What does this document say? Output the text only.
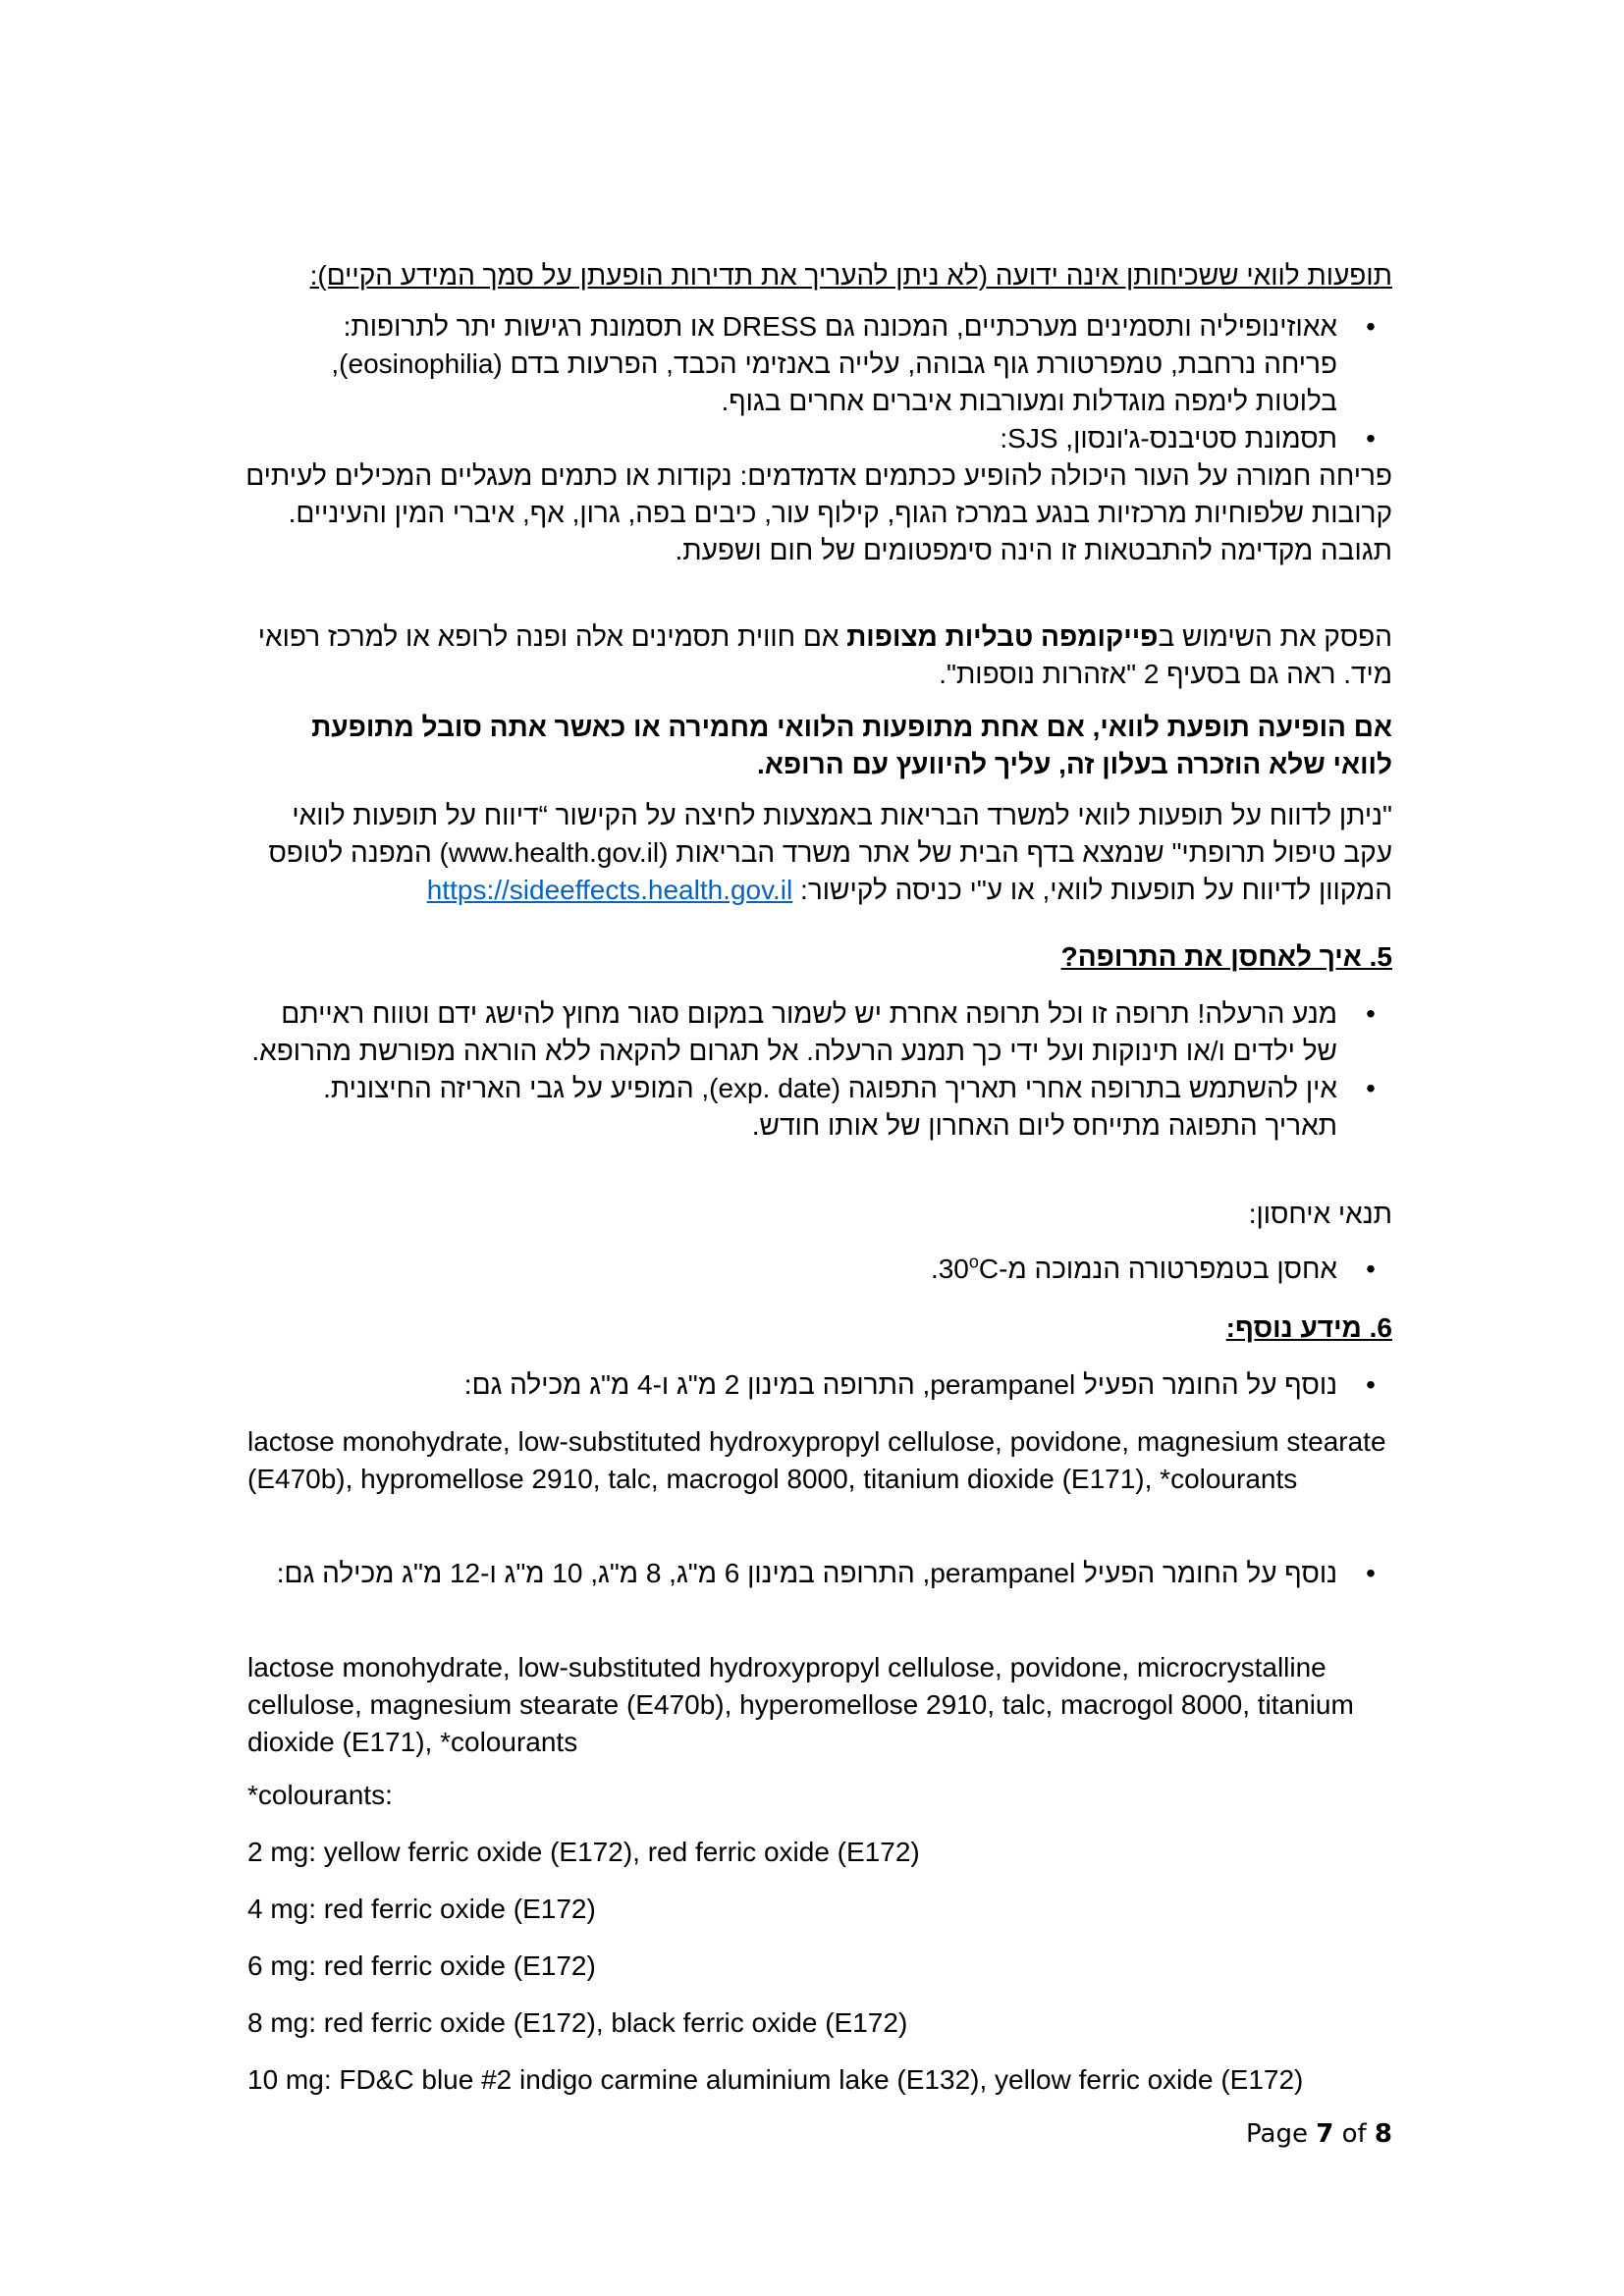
תופעות לוואי ששכיחותן אינה ידועה (לא ניתן להעריך את תדירות הופעתן על סמך המידע הקיים):

•
אאוזינופיליה ותסמינים מערכתיים, המכונה גם DRESS או תסמונת רגישות יתר לתרופות:
פריחה נרחבת, טמפרטורת גוף גבוהה, עלייה באנזימי הכבד, הפרעות בדם (eosinophilia), בלוטות לימפה מוגדלות ומעורבות איברים אחרים בגוף.
•
תסמונת סטיבנס-ג'ונסון, SJS:

פריחה חמורה על העור היכולה להופיע ככתמים אדמדמים: נקודות או כתמים מעגליים המכילים לעיתים קרובות שלפוחיות מרכזיות בנגע במרכז הגוף, קילוף עור, כיבים בפה, גרון, אף, איברי המין והעיניים. תגובה מקדימה להתבטאות זו הינה סימפטומים של חום ושפעת.

הפסק את השימוש בפייקומפה טבליות מצופות אם חווית תסמינים אלה ופנה לרופא או למרכז רפואי מיד. ראה גם בסעיף 2 "אזהרות נוספות".

אם הופיעה תופעת לוואי, אם אחת מתופעות הלוואי מחמירה או כאשר אתה סובל מתופעת לוואי שלא הוזכרה בעלון זה, עליך להיוועץ עם הרופא.

"ניתן לדווח על תופעות לוואי למשרד הבריאות באמצעות לחיצה על הקישור “דיווח על תופעות לוואי עקב טיפול תרופתי" שנמצא בדף הבית של אתר משרד הבריאות (www.health.gov.il) המפנה לטופס המקוון לדיווח על תופעות לוואי, או ע"י כניסה לקישור: https://sideeffects.health.gov.il

5. איך לאחסן את התרופה?

•
מנע הרעלה! תרופה זו וכל תרופה אחרת יש לשמור במקום סגור מחוץ להישג ידם וטווח ראייתם של ילדים ו/או תינוקות ועל ידי כך תמנע הרעלה. אל תגרום להקאה ללא הוראה מפורשת מהרופא.
•
אין להשתמש בתרופה אחרי תאריך התפוגה (exp. date), המופיע על גבי האריזה החיצונית. תאריך התפוגה מתייחס ליום האחרון של אותו חודש.

תנאי איחסון:

•
אחסן בטמפרטורה הנמוכה מ-30$^o$C.

6. מידע נוסף:

•
נוסף על החומר הפעיל perampanel, התרופה במינון 2 מ"ג ו-4 מ"ג מכילה גם:

lactose monohydrate, low-substituted hydroxypropyl cellulose, povidone, magnesium stearate (E470b), hypromellose 2910, talc, macrogol 8000, titanium dioxide (E171), *colourants

•
נוסף על החומר הפעיל perampanel, התרופה במינון 6 מ"ג, 8 מ"ג, 10 מ"ג ו-12 מ"ג מכילה גם:

lactose monohydrate, low-substituted hydroxypropyl cellulose, povidone, microcrystalline cellulose, magnesium stearate (E470b), hyperomellose 2910, talc, macrogol 8000, titanium dioxide (E171), *colourants

*colourants:

2 mg: yellow ferric oxide (E172), red ferric oxide (E172)

4 mg: red ferric oxide (E172)

6 mg: red ferric oxide (E172)

8 mg: red ferric oxide (E172), black ferric oxide (E172)

10 mg: FD&C blue #2 indigo carmine aluminium lake (E132), yellow ferric oxide (E172)

Page 7 of 8
